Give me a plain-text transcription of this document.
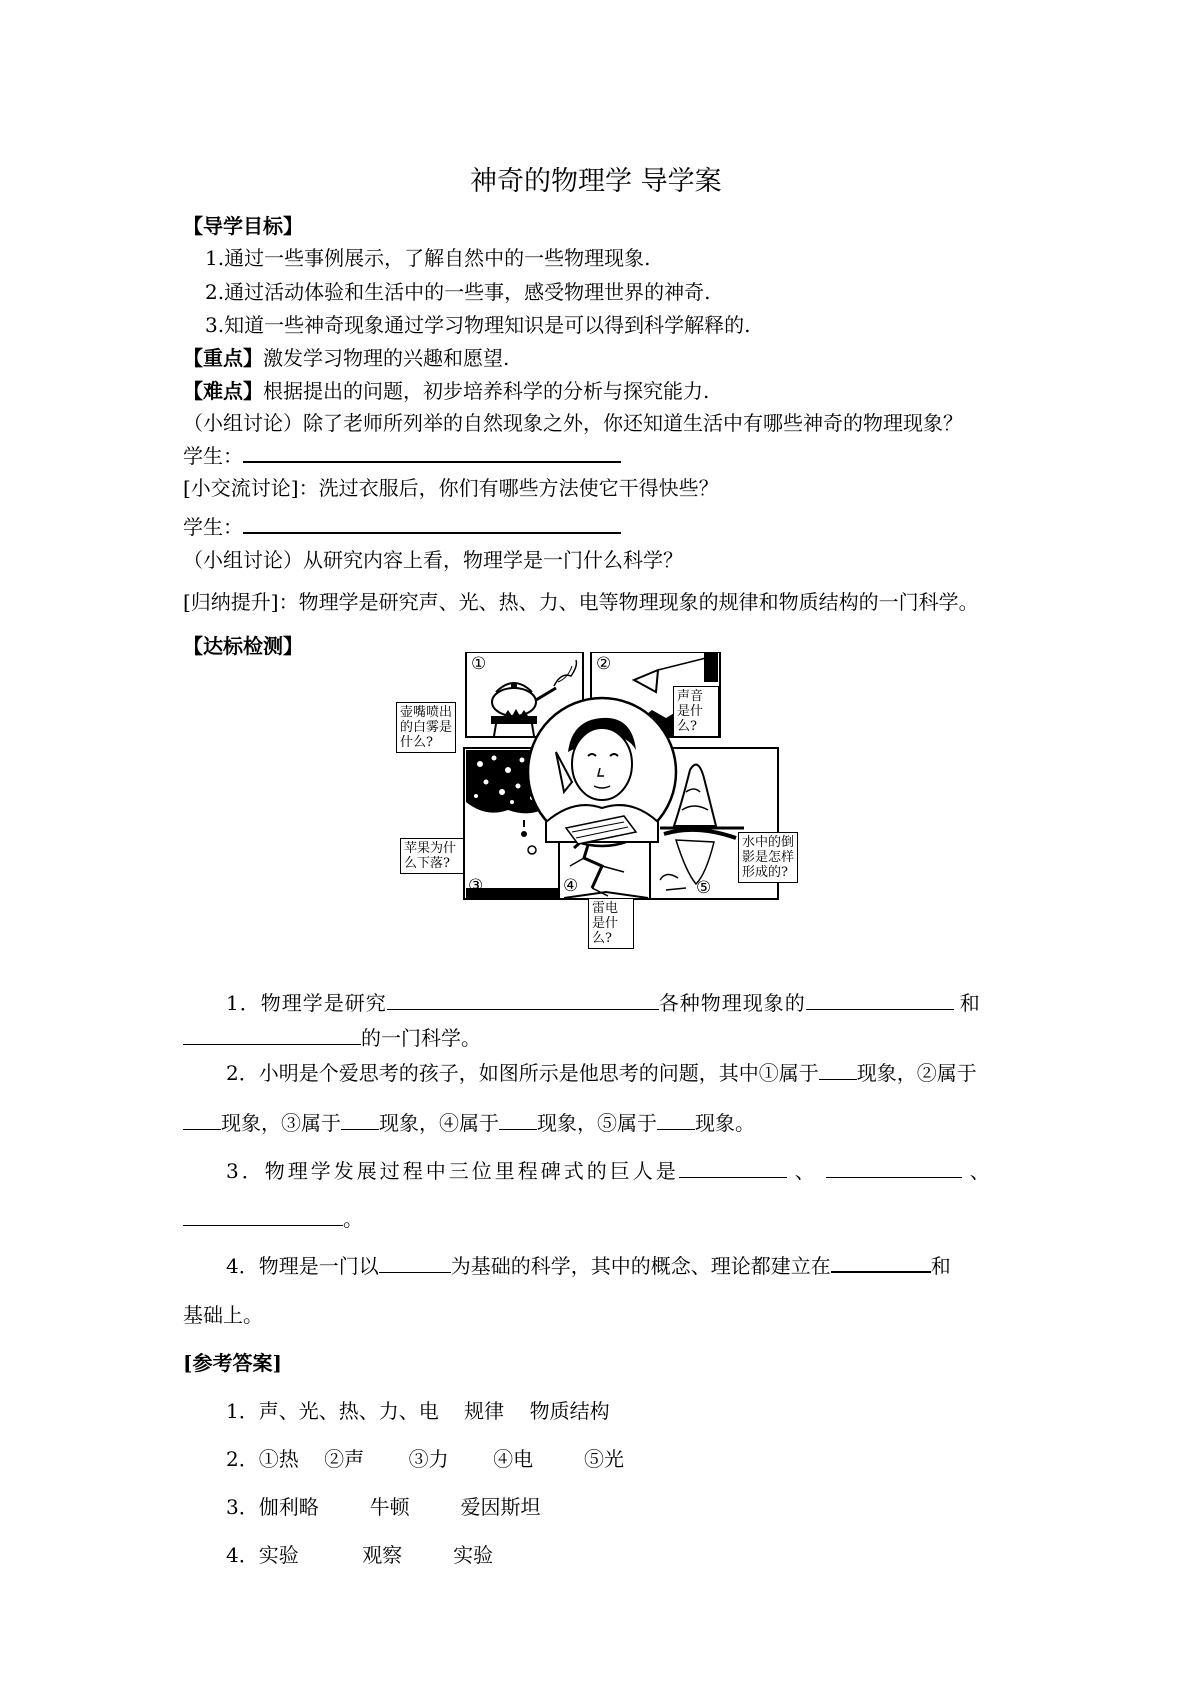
神奇的物理学 导学案
【导学目标】
1.通过一些事例展示，了解自然中的一些物理现象.
2.通过活动体验和生活中的一些事，感受物理世界的神奇.
3.知道一些神奇现象通过学习物理知识是可以得到科学解释的.
【重点】激发学习物理的兴趣和愿望.
【难点】根据提出的问题，初步培养科学的分析与探究能力.
（小组讨论）除了老师所列举的自然现象之外，你还知道生活中有哪些神奇的物理现象？
学生：
[小交流讨论]：洗过衣服后，你们有哪些方法使它干得快些？
学生：
（小组讨论）从研究内容上看，物理学是一门什么科学？
[归纳提升]：物理学是研究声、光、热、力、电等物理现象的规律和物质结构的一门科学。
【达标检测】
①	②
③	④	⑤
壶嘴喷出的白雾是什么?
声音是什么?
苹果为什么下落?
雷电是什么?
水中的倒影是怎样形成的?
1．物理学是研究	各种物理现象的	和
的一门科学。
2．小明是个爱思考的孩子，如图所示是他思考的问题，其中①属于 现象，②属于
现象，③属于 现象，④属于 现象，⑤属于 现象。
3．物理学发展过程中三位里程碑式的巨人是	、	、
。
4．物理是一门以	为基础的科学，其中的概念、理论都建立在	和
基础上。
[参考答案]
1．声、光、热、力、电    规律    物质结构
2．①热    ②声       ③力       ④电        ⑤光
3．伽利略        牛顿        爱因斯坦
4．实验          观察        实验
